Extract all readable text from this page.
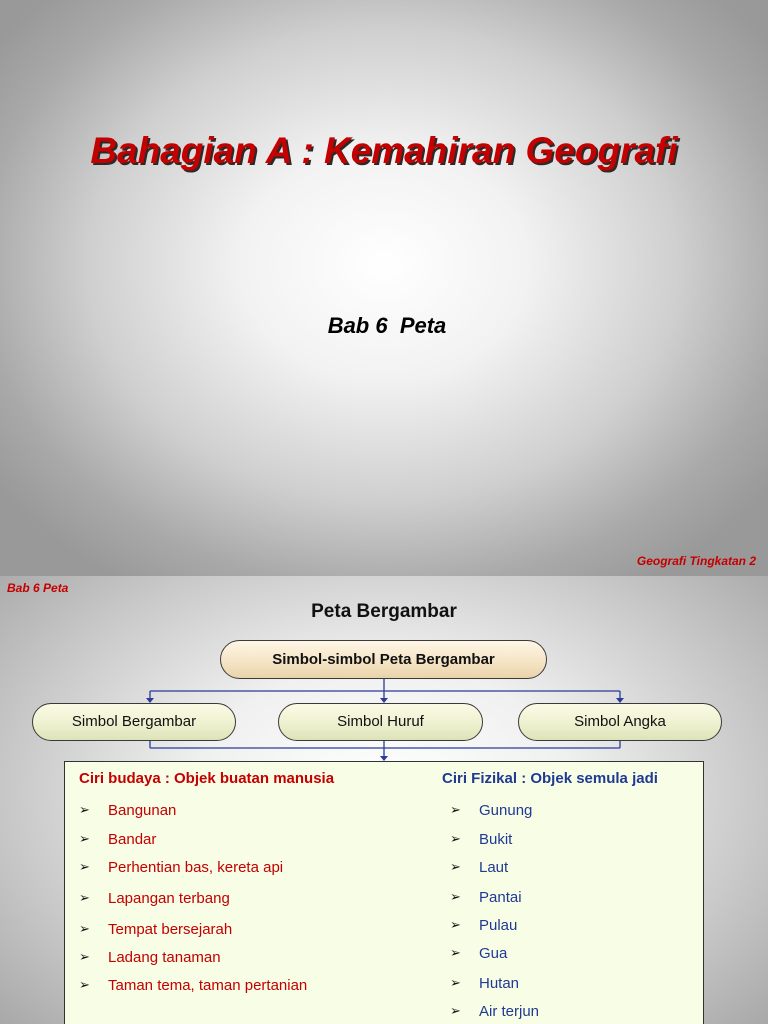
Bahagian A : Kemahiran Geografi
Bab 6  Peta
Geografi Tingkatan 2
Bab 6 Peta
Peta Bergambar
Simbol-simbol Peta Bergambar
Simbol Bergambar	Simbol Huruf	Simbol Angka
Ciri budaya : Objek buatan manusia	Ciri Fizikal : Objek semula jadi
➢ Bangunan
➢ Bandar
➢ Perhentian bas, kereta api
➢ Lapangan terbang
➢ Tempat bersejarah
➢ Ladang tanaman
➢ Taman tema, taman pertanian
➢ Gunung
➢ Bukit
➢ Laut
➢ Pantai
➢ Pulau
➢ Gua
➢ Hutan
➢ Air terjun
